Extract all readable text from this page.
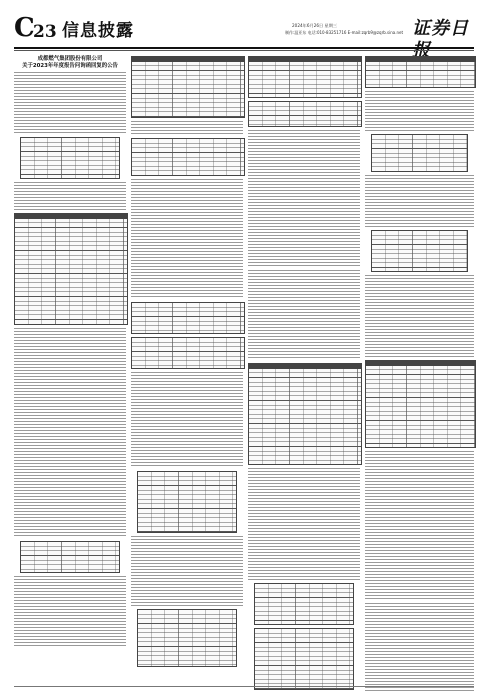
C
23 信息披露	2024年6月26日 星期三
制作:温亚东 电话:010-83251716 E-mail:zqrb9@zqrb.sina.net 证券日
成都燃气集团股份有限公司
关于2023年年度报告问询函回复的公告
